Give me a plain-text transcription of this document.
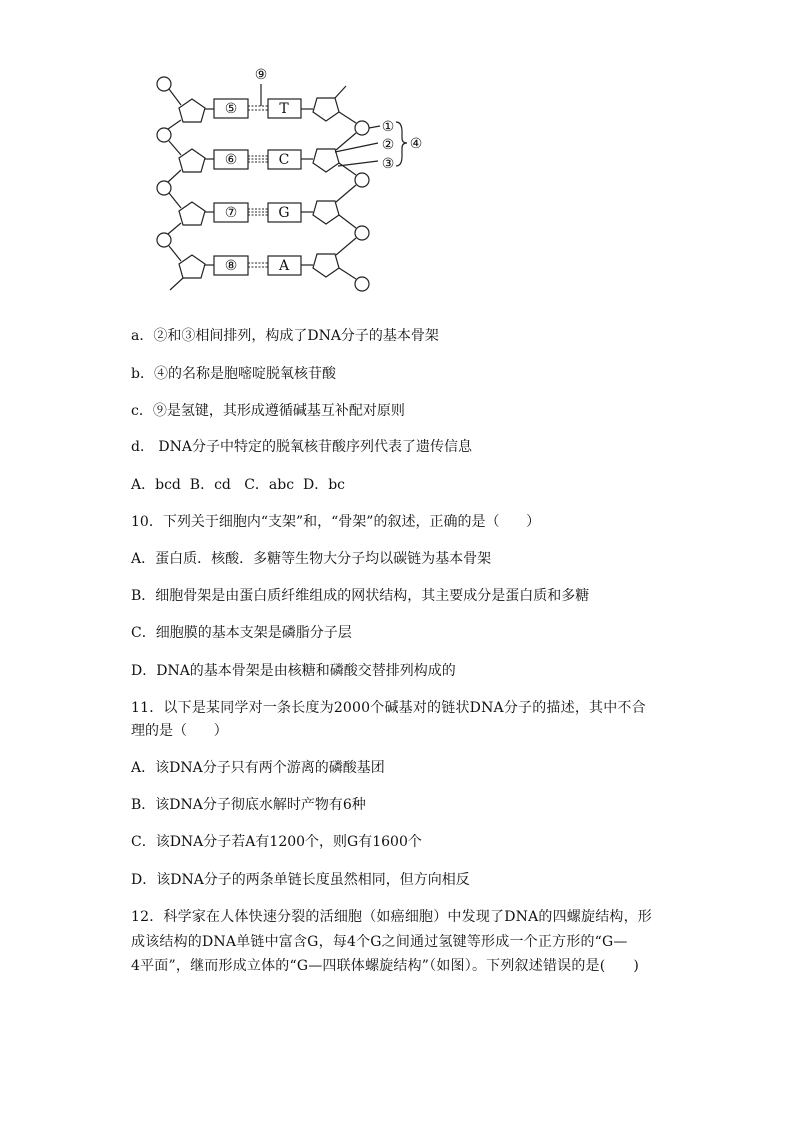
⑤
⑥
⑦
⑧
T
C
G
A
⑨
①
②
③
④
a．②和③相间排列，构成了DNA分子的基本骨架
b．④的名称是胞嘧啶脱氧核苷酸
c．⑨是氢键，其形成遵循碱基互补配对原则
d． DNA分子中特定的脱氧核苷酸序列代表了遗传信息
A．bcd  B．cd   C．abc  D．bc
10．下列关于细胞内“支架”和，“骨架”的叙述，正确的是（      ）
A．蛋白质．核酸．多糖等生物大分子均以碳链为基本骨架
B．细胞骨架是由蛋白质纤维组成的网状结构，其主要成分是蛋白质和多糖
C．细胞膜的基本支架是磷脂分子层
D．DNA的基本骨架是由核糖和磷酸交替排列构成的
11．以下是某同学对一条长度为2000个碱基对的链状DNA分子的描述，其中不合
理的是（      ）
A．该DNA分子只有两个游离的磷酸基团
B．该DNA分子彻底水解时产物有6种
C．该DNA分子若A有1200个，则G有1600个
D．该DNA分子的两条单链长度虽然相同，但方向相反
12．科学家在人体快速分裂的活细胞（如癌细胞）中发现了DNA的四螺旋结构，形
成该结构的DNA单链中富含G，每4个G之间通过氢键等形成一个正方形的“G—
4平面”，继而形成立体的“G—四联体螺旋结构”（如图）。下列叙述错误的是(      )
